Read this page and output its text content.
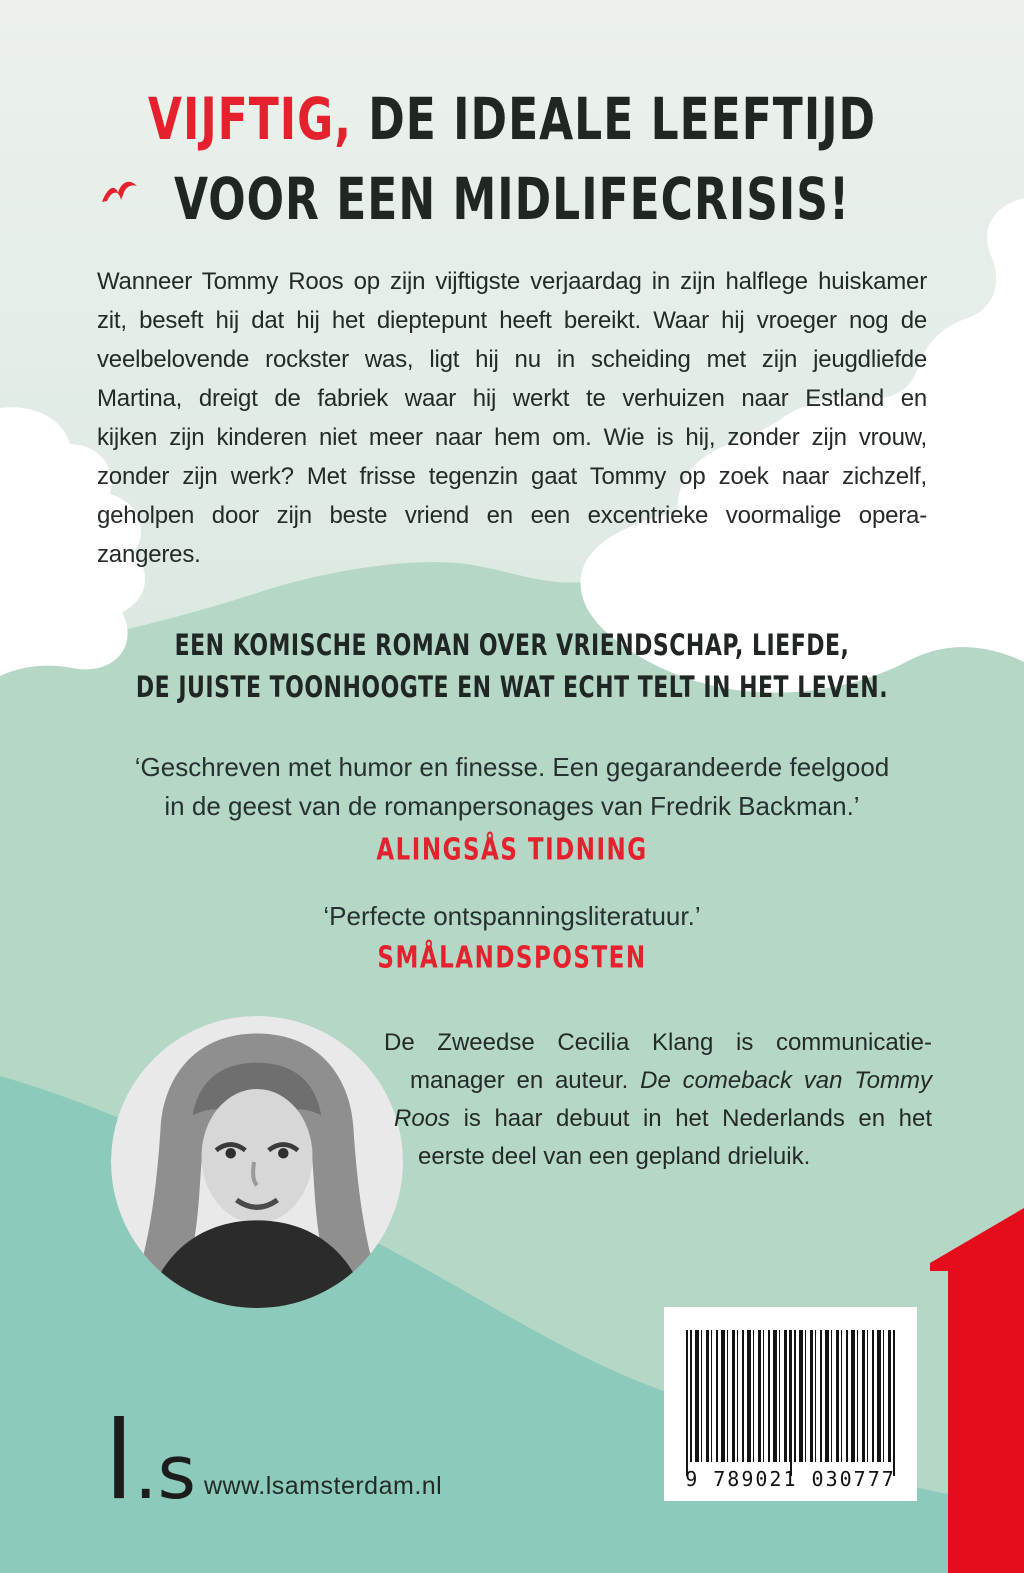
VIJFTIG, DE IDEALE LEEFTIJD
VOOR EEN MIDLIFECRISIS!
Wanneer Tommy Roos op zijn vijftigste verjaardag in zijn halflege huiskamer
zit, beseft hij dat hij het dieptepunt heeft bereikt. Waar hij vroeger nog de
veelbelovende rockster was, ligt hij nu in scheiding met zijn jeugdliefde
Martina, dreigt de fabriek waar hij werkt te verhuizen naar Estland en
kijken zijn kinderen niet meer naar hem om. Wie is hij, zonder zijn vrouw,
zonder zijn werk? Met frisse tegenzin gaat Tommy op zoek naar zichzelf,
geholpen door zijn beste vriend en een excentrieke voormalige opera-
zangeres.
EEN KOMISCHE ROMAN OVER VRIENDSCHAP, LIEFDE,
DE JUISTE TOONHOOGTE EN WAT ECHT TELT IN HET LEVEN.
‘Geschreven met humor en finesse. Een gegarandeerde feelgood
in de geest van de romanpersonages van Fredrik Backman.’
ALINGSÅS TIDNING
‘Perfecte ontspanningsliteratuur.’
SMÅLANDSPOSTEN
De Zweedse Cecilia Klang is communicatie-
manager en auteur. De comeback van Tommy
Roos is haar debuut in het Nederlands en het
eerste deel van een gepland drieluik.
l . s www.lsamsterdam.nl	9 789021 030777
